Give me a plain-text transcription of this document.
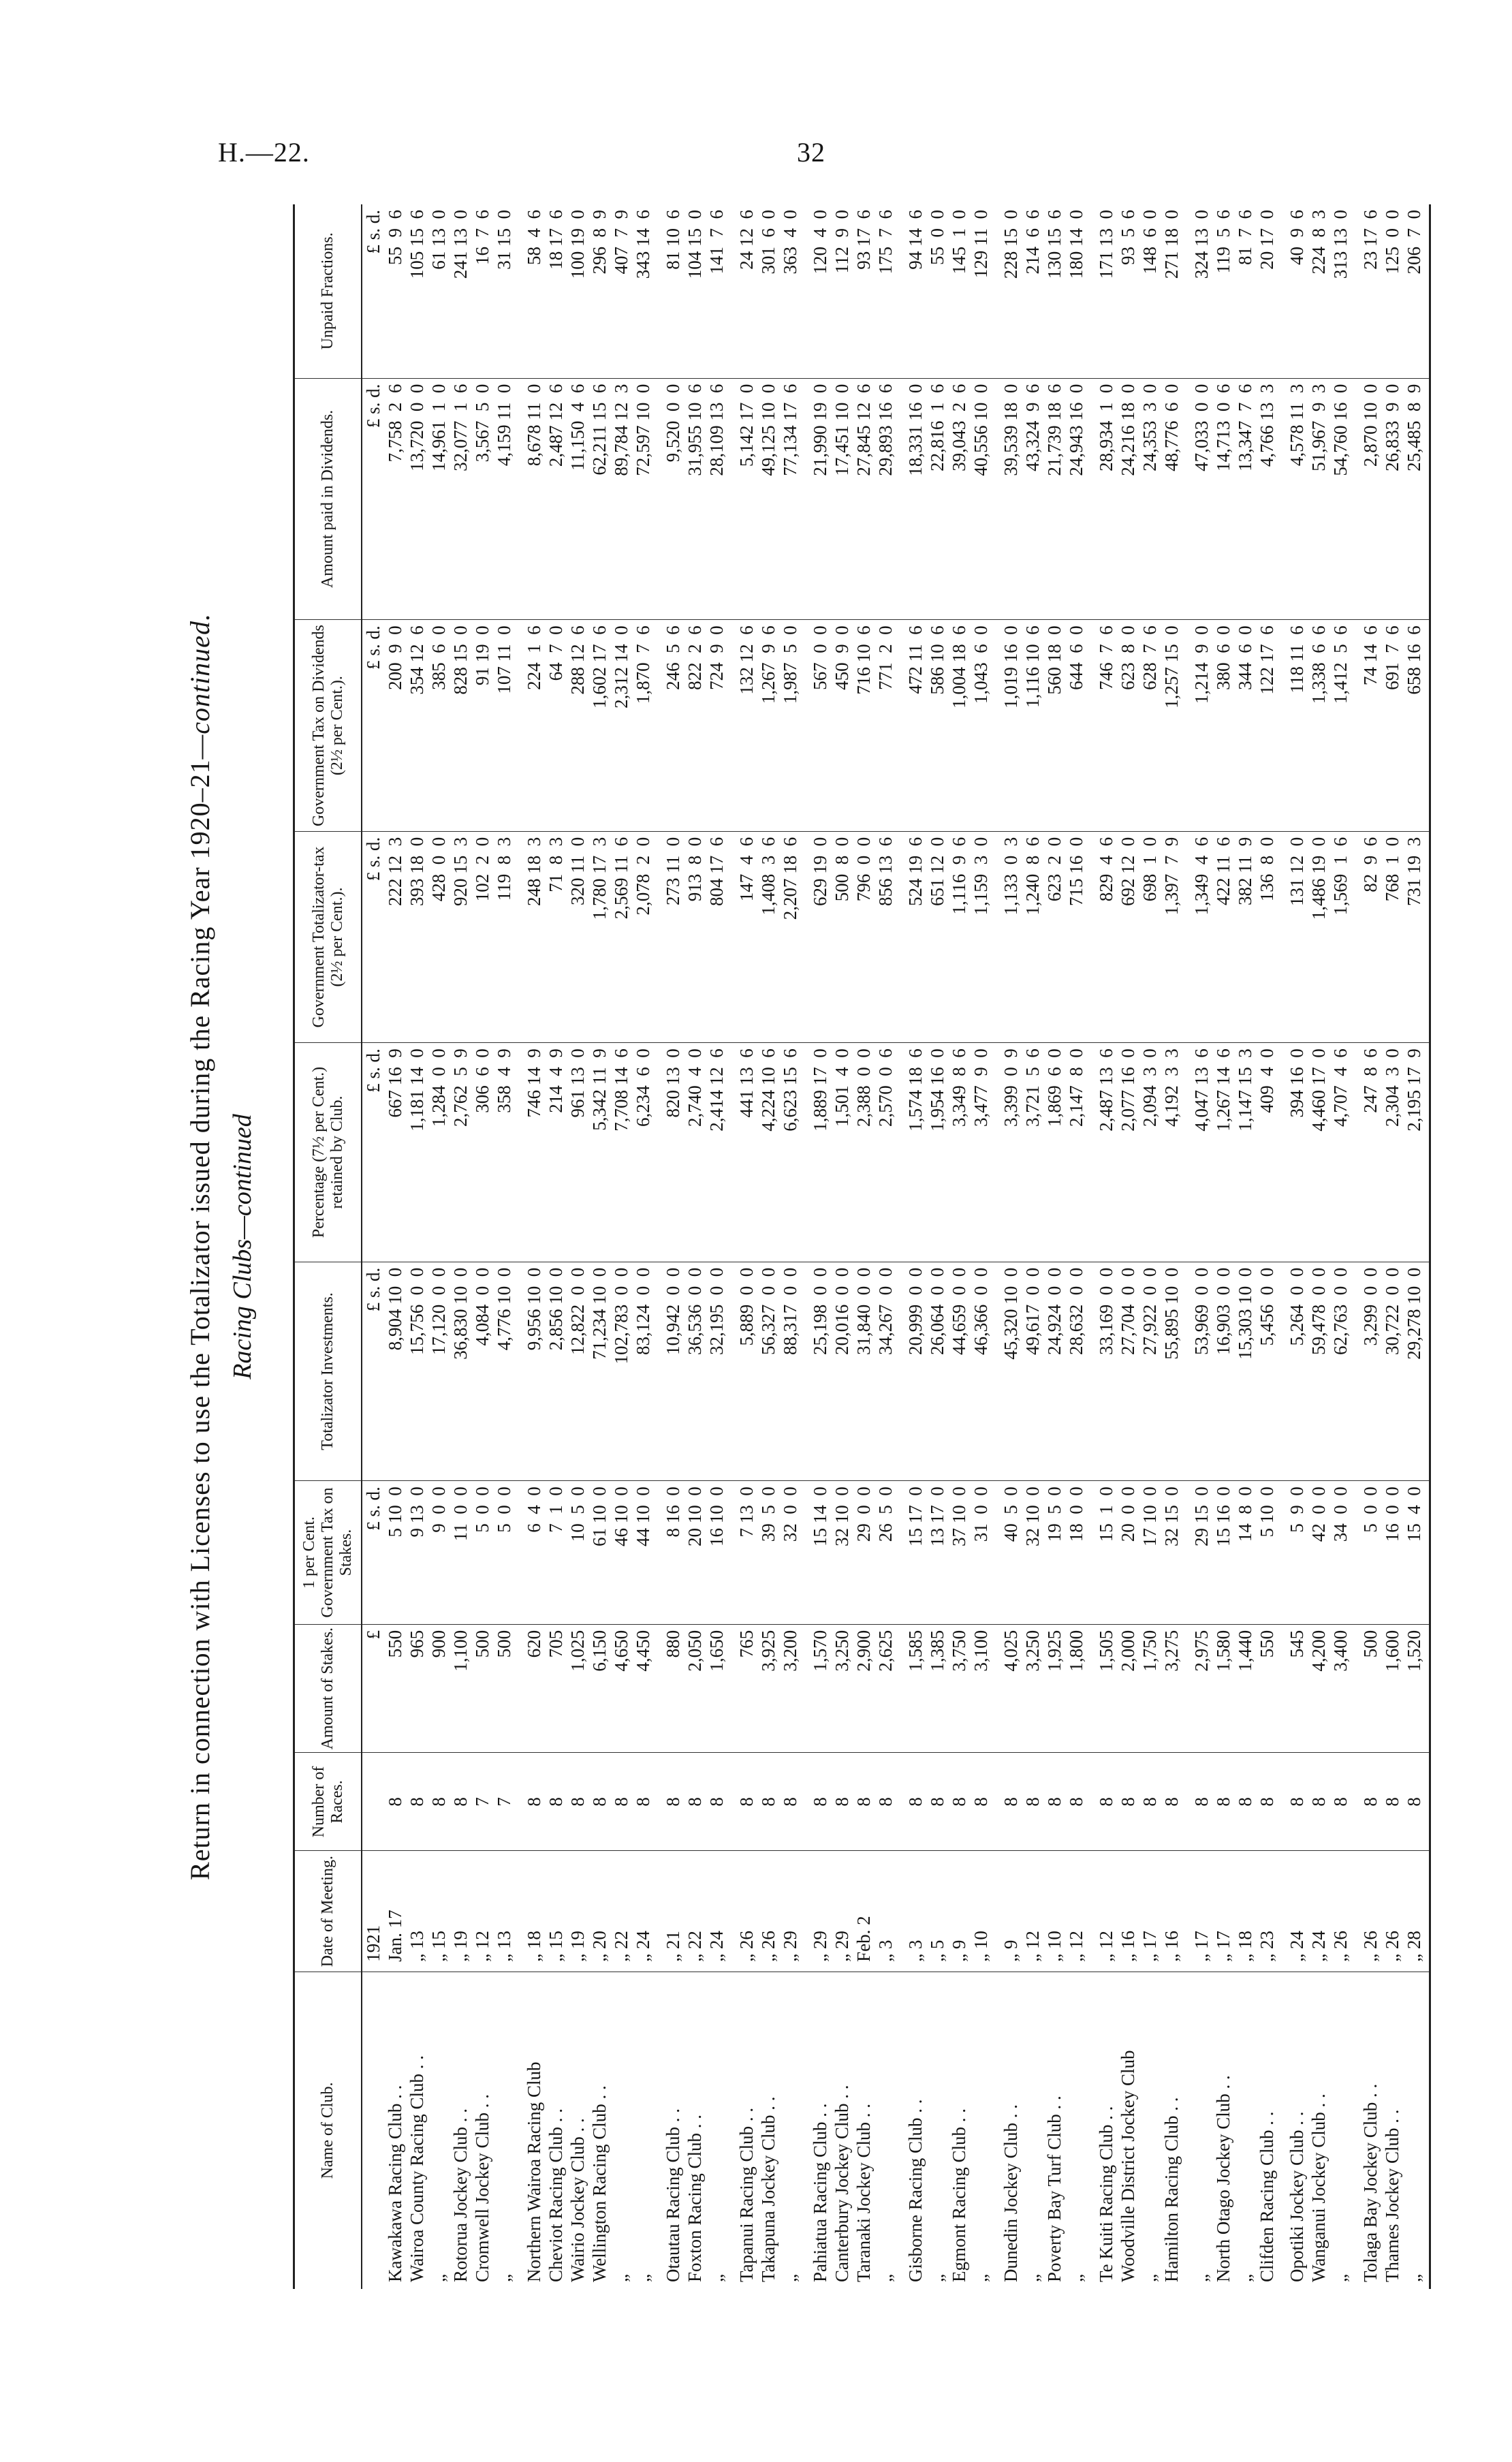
H.—22.	32
Return in connection with Licenses to use the Totalizator issued during the Racing Year 1920–21—continued.
Racing Clubs—continued
Name of Club.	Date of Meeting.	Number of Races.	Amount of Stakes.	1 per Cent. Government Tax on Stakes.	Totalizator Investments.	Percentage (7½ per Cent.) retained by Club.	Government Totalizator-tax (2½ per Cent.).	Government Tax on Dividends (2½ per Cent.).	Amount paid in Dividends.	Unpaid Fractions.
	1921		£	£ s. d.	£ s. d.	£ s. d.	£ s. d.	£ s. d.	£ s. d.	£ s. d.
Kawakawa Racing Club . .	Jan. 17	8	550	5 10  0	8,904 10  0	667 16  9	222 12  3	200  9  0	7,758  2  6	55  9  6
Wairoa County Racing Club . .	„ 13	8	965	9 13  0	15,756  0  0	1,181 14  0	393 18  0	354 12  6	13,720  0  0	105 15  6
„	„ 15	8	900	9  0  0	17,120  0  0	1,284  0  0	428  0  0	385  6  0	14,961  1  0	61 13  0
Rotorua Jockey Club . .	„ 19	8	1,100	11  0  0	36,830 10  0	2,762  5  9	920 15  3	828 15  0	32,077  1  6	241 13  0
Cromwell Jockey Club . .	„ 12	7	500	5  0  0	4,084  0  0	306  6  0	102  2  0	91 19  0	3,567  5  0	16  7  6
„	„ 13	7	500	5  0  0	4,776 10  0	358  4  9	119  8  3	107 11  0	4,159 11  0	31 15  0

Northern Wairoa Racing Club	„ 18	8	620	6  4  0	9,956 10  0	746 14  9	248 18  3	224  1  6	8,678 11  0	58  4  6
Cheviot Racing Club . .	„ 15	8	705	7  1  0	2,856 10  0	214  4  9	71  8  3	64  7  0	2,487 12  6	18 17  6
Wairio Jockey Club . .	„ 19	8	1,025	10  5  0	12,822  0  0	961 13  0	320 11  0	288 12  6	11,150  4  6	100 19  0
Wellington Racing Club . .	„ 20	8	6,150	61 10  0	71,234 10  0	5,342 11  9	1,780 17  3	1,602 17  6	62,211 15  6	296  8  9
„	„ 22	8	4,650	46 10  0	102,783  0  0	7,708 14  6	2,569 11  6	2,312 14  0	89,784 12  3	407  7  9
„	„ 24	8	4,450	44 10  0	83,124  0  0	6,234  6  0	2,078  2  0	1,870  7  6	72,597 10  0	343 14  6

Otautau Racing Club . .	„ 21	8	880	8 16  0	10,942  0  0	820 13  0	273 11  0	246  5  6	9,520  0  0	81 10  6
Foxton Racing Club . .	„ 22	8	2,050	20 10  0	36,536  0  0	2,740  4  0	913  8  0	822  2  6	31,955 10  6	104 15  0
„	„ 24	8	1,650	16 10  0	32,195  0  0	2,414 12  6	804 17  6	724  9  0	28,109 13  6	141  7  6

Tapanui Racing Club . .	„ 26	8	765	7 13  0	5,889  0  0	441 13  6	147  4  6	132 12  6	5,142 17  0	24 12  6
Takapuna Jockey Club . .	„ 26	8	3,925	39  5  0	56,327  0  0	4,224 10  6	1,408  3  6	1,267  9  6	49,125 10  0	301  6  0
„	„ 29	8	3,200	32  0  0	88,317  0  0	6,623 15  6	2,207 18  6	1,987  5  0	77,134 17  6	363  4  0

Pahiatua Racing Club . .	„ 29	8	1,570	15 14  0	25,198  0  0	1,889 17  0	629 19  0	567  0  0	21,990 19  0	120  4  0
Canterbury Jockey Club . .	„ 29	8	3,250	32 10  0	20,016  0  0	1,501  4  0	500  8  0	450  9  0	17,451 10  0	112  9  0
Taranaki Jockey Club . .	Feb. 2	8	2,900	29  0  0	31,840  0  0	2,388  0  0	796  0  0	716 10  6	27,845 12  6	93 17  6
„	„ 3	8	2,625	26  5  0	34,267  0  0	2,570  0  6	856 13  6	771  2  0	29,893 16  6	175  7  6

Gisborne Racing Club . .	„ 3	8	1,585	15 17  0	20,999  0  0	1,574 18  6	524 19  6	472 11  6	18,331 16  0	94 14  6
„	„ 5	8	1,385	13 17  0	26,064  0  0	1,954 16  0	651 12  0	586 10  6	22,816  1  6	55  0  0
Egmont Racing Club . .	„ 9	8	3,750	37 10  0	44,659  0  0	3,349  8  6	1,116  9  6	1,004 18  6	39,043  2  6	145  1  0
„	„ 10	8	3,100	31  0  0	46,366  0  0	3,477  9  0	1,159  3  0	1,043  6  0	40,556 10  0	129 11  0

Dunedin Jockey Club . .	„ 9	8	4,025	40  5  0	45,320 10  0	3,399  0  9	1,133  0  3	1,019 16  0	39,539 18  0	228 15  0
„	„ 12	8	3,250	32 10  0	49,617  0  0	3,721  5  6	1,240  8  6	1,116 10  6	43,324  9  6	214  6  6
Poverty Bay Turf Club . .	„ 10	8	1,925	19  5  0	24,924  0  0	1,869  6  0	623  2  0	560 18  0	21,739 18  6	130 15  6
„	„ 12	8	1,800	18  0  0	28,632  0  0	2,147  8  0	715 16  0	644  6  0	24,943 16  0	180 14  0

Te Kuiti Racing Club . .	„ 12	8	1,505	15  1  0	33,169  0  0	2,487 13  6	829  4  6	746  7  6	28,934  1  0	171 13  0
Woodville District Jockey Club	„ 16	8	2,000	20  0  0	27,704  0  0	2,077 16  0	692 12  0	623  8  0	24,216 18  0	93  5  6
„	„ 17	8	1,750	17 10  0	27,922  0  0	2,094  3  0	698  1  0	628  7  6	24,353  3  0	148  6  0
Hamilton Racing Club . .	„ 16	8	3,275	32 15  0	55,895 10  0	4,192  3  3	1,397  7  9	1,257 15  0	48,776  6  0	271 18  0

„	„ 17	8	2,975	29 15  0	53,969  0  0	4,047 13  6	1,349  4  6	1,214  9  0	47,033  0  0	324 13  0
North Otago Jockey Club . .	„ 17	8	1,580	15 16  0	16,903  0  0	1,267 14  6	422 11  6	380  6  0	14,713  0  6	119  5  6
„	„ 18	8	1,440	14  8  0	15,303 10  0	1,147 15  3	382 11  9	344  6  0	13,347  7  6	81  7  6
Clifden Racing Club . .	„ 23	8	550	5 10  0	5,456  0  0	409  4  0	136  8  0	122 17  6	4,766 13  3	20 17  0

Opotiki Jockey Club . .	„ 24	8	545	5  9  0	5,264  0  0	394 16  0	131 12  0	118 11  6	4,578 11  3	40  9  6
Wanganui Jockey Club . .	„ 24	8	4,200	42  0  0	59,478  0  0	4,460 17  0	1,486 19  0	1,338  6  6	51,967  9  3	224  8  3
„	„ 26	8	3,400	34  0  0	62,763  0  0	4,707  4  6	1,569  1  6	1,412  5  6	54,760 16  0	313 13  0

Tolaga Bay Jockey Club . .	„ 26	8	500	5  0  0	3,299  0  0	247  8  6	82  9  6	74 14  6	2,870 10  0	23 17  6
Thames Jockey Club . .	„ 26	8	1,600	16  0  0	30,722  0  0	2,304  3  0	768  1  0	691  7  6	26,833  9  0	125  0  0
„	„ 28	8	1,520	15  4  0	29,278 10  0	2,195 17  9	731 19  3	658 16  6	25,485  8  9	206  7  0
